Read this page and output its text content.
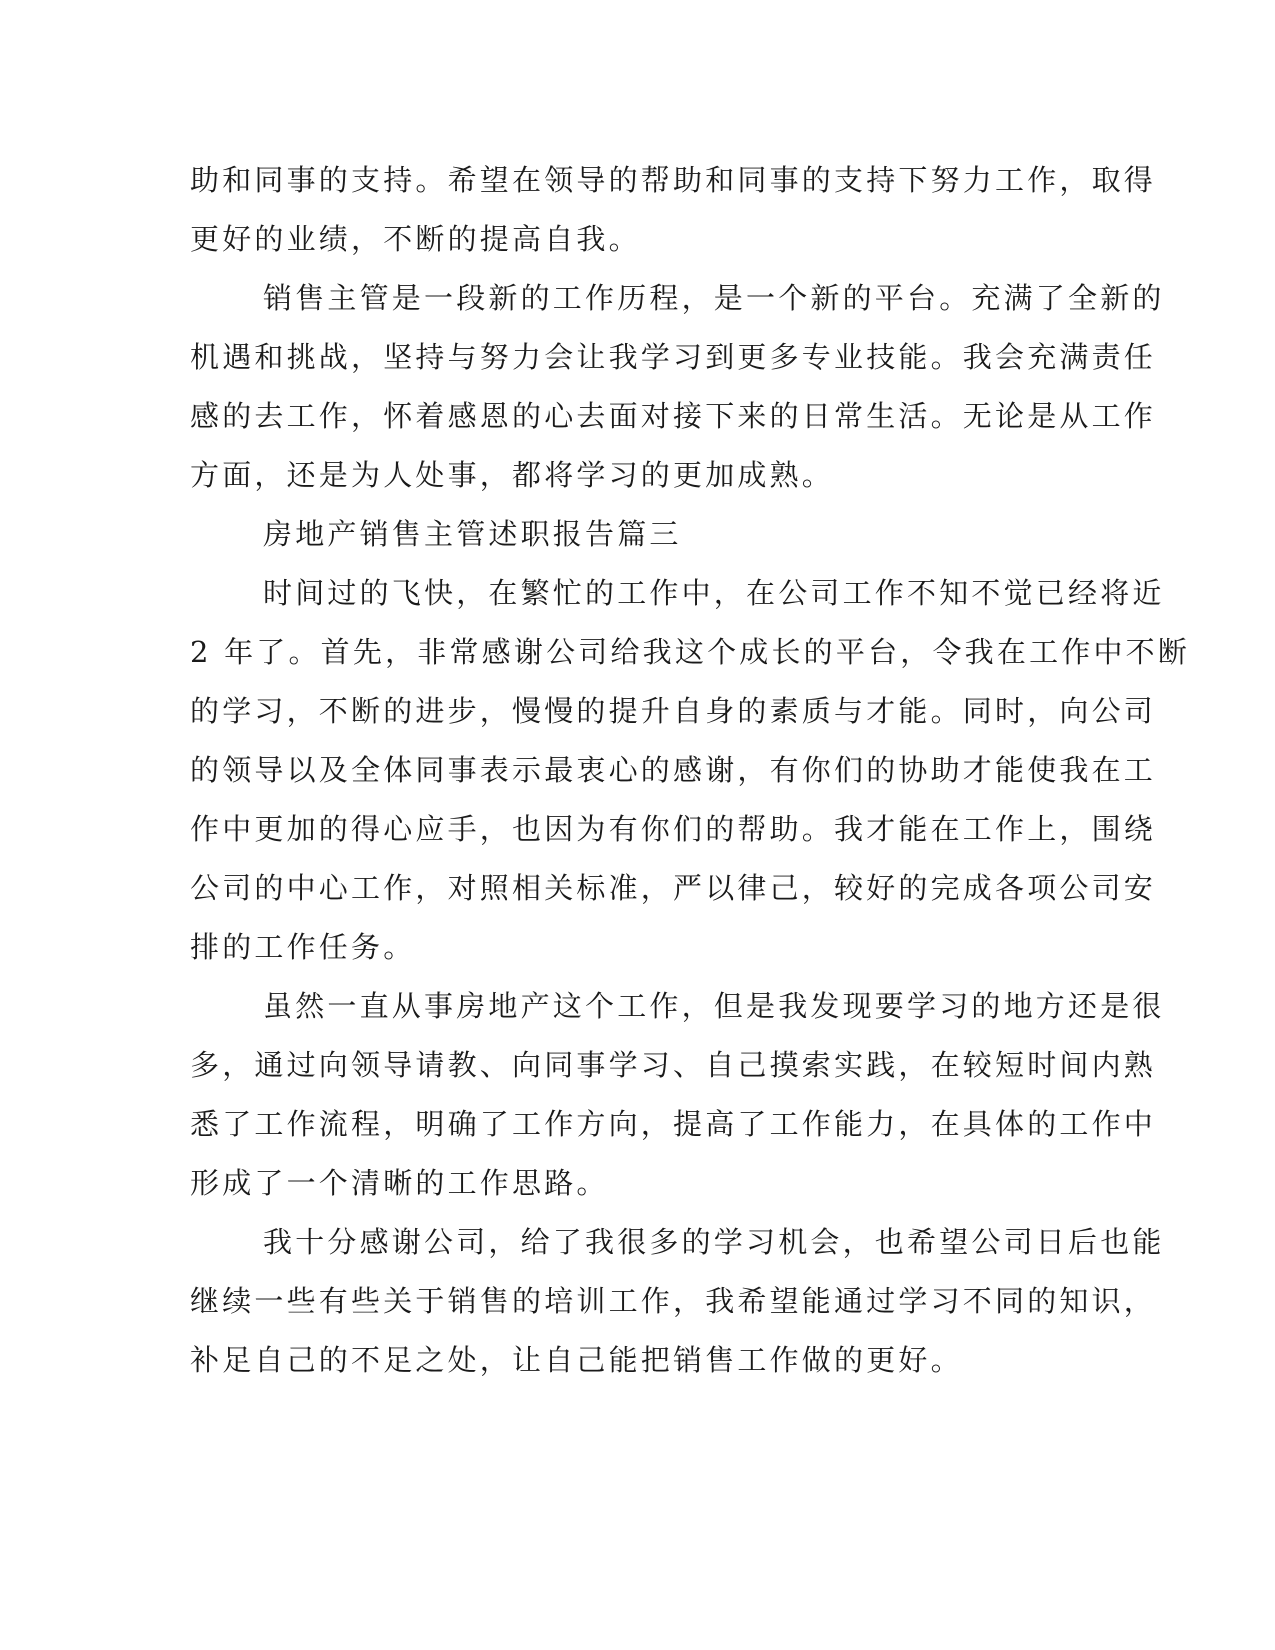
助和同事的支持。希望在领导的帮助和同事的支持下努力工作，取得
更好的业绩，不断的提高自我。
销售主管是一段新的工作历程，是一个新的平台。充满了全新的
机遇和挑战，坚持与努力会让我学习到更多专业技能。我会充满责任
感的去工作，怀着感恩的心去面对接下来的日常生活。无论是从工作
方面，还是为人处事，都将学习的更加成熟。
房地产销售主管述职报告篇三
时间过的飞快，在繁忙的工作中，在公司工作不知不觉已经将近
2 年了。首先，非常感谢公司给我这个成长的平台，令我在工作中不断
的学习，不断的进步，慢慢的提升自身的素质与才能。同时，向公司
的领导以及全体同事表示最衷心的感谢，有你们的协助才能使我在工
作中更加的得心应手，也因为有你们的帮助。我才能在工作上，围绕
公司的中心工作，对照相关标准，严以律己，较好的完成各项公司安
排的工作任务。
虽然一直从事房地产这个工作，但是我发现要学习的地方还是很
多，通过向领导请教、向同事学习、自己摸索实践，在较短时间内熟
悉了工作流程，明确了工作方向，提高了工作能力，在具体的工作中
形成了一个清晰的工作思路。
我十分感谢公司，给了我很多的学习机会，也希望公司日后也能
继续一些有些关于销售的培训工作，我希望能通过学习不同的知识，
补足自己的不足之处，让自己能把销售工作做的更好。
